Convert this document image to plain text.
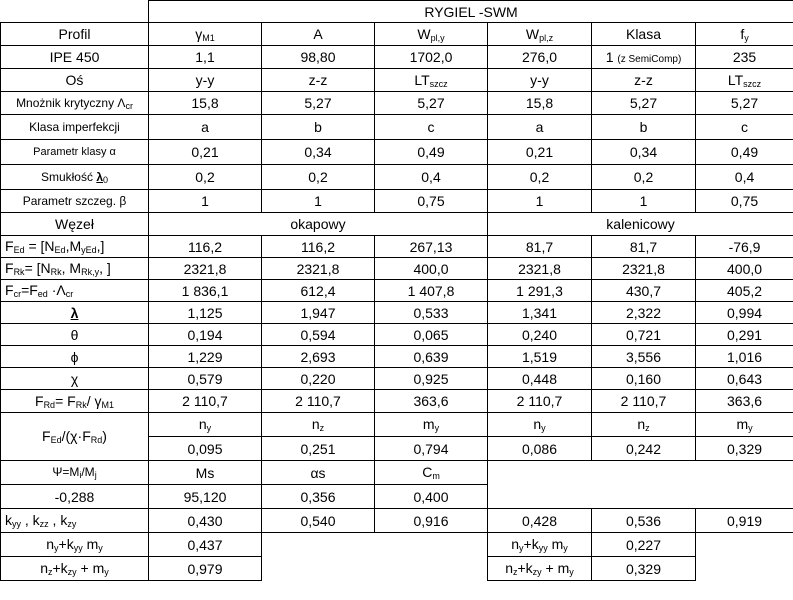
	RYGIEL -SWM					
Profil	$\gamma_{M1}$	A	$W_{pl,y}$	$W_{pl,z}$	Klasa	$f_y$
IPE 450	1,1	98,80	1702,0	276,0	1 (z SemiComp)	235
Oś	y-y	z-z	$LT_{szcz}$	y-y	z-z	$LT_{szcz}$
Mnożnik krytyczny $\Lambda_{cr}$	15,8	5,27	5,27	15,8	5,27	5,27
Klasa imperfekcji	a	b	c	a	b	c
Parametr klasy α	0,21	0,34	0,49	0,21	0,34	0,49
Smukłość $\lambda_0$	0,2	0,2	0,4	0,2	0,2	0,4
Parametr szczeg. β	1	1	0,75	1	1	0,75
Węzeł	okapowy			kalenicowy		
$F_{Ed} = [N_{Ed},M_{yEd},]$	116,2	116,2	267,13	81,7	81,7	-76,9
$F_{Rk}= [N_{Rk}$, $M_{Rk,y}$, ]	2321,8	2321,8	400,0	2321,8	2321,8	400,0
$F_{cr}=F_{ed} \cdot\Lambda_{cr}$	1 836,1	612,4	1 407,8	1 291,3	430,7	405,2
λ	1,125	1,947	0,533	1,341	2,322	0,994
θ	0,194	0,594	0,065	0,240	0,721	0,291
ϕ	1,229	2,693	0,639	1,519	3,556	1,016
χ	0,579	0,220	0,925	0,448	0,160	0,643
$F_{Rd}= F_{Rk}/$ $\gamma_{M1}$	2 110,7	2 110,7	363,6	2 110,7	2 110,7	363,6
$F_{Ed}/(\chi\cdot F_{Rd})$	$n_y$	$n_z$	$m_y$	$n_y$	$n_z$	$m_y$
	0,095	0,251	0,794	0,086	0,242	0,329
$\Psi=M_i/M_j$	Ms	αs	$C_m$	
-0,288	95,120	0,356	0,400			
$k_{yy}$ , $k_{zz}$ , $k_{zy}$	0,430	0,540	0,916	0,428	0,536	0,919
$n_y+k_{yy}$ $m_y$	0,437			$n_y+k_{yy}$ $m_y$	0,227	
$n_z+k_{zy} + m_y$	0,979			$n_z+k_{zy} + m_y$	0,329	
